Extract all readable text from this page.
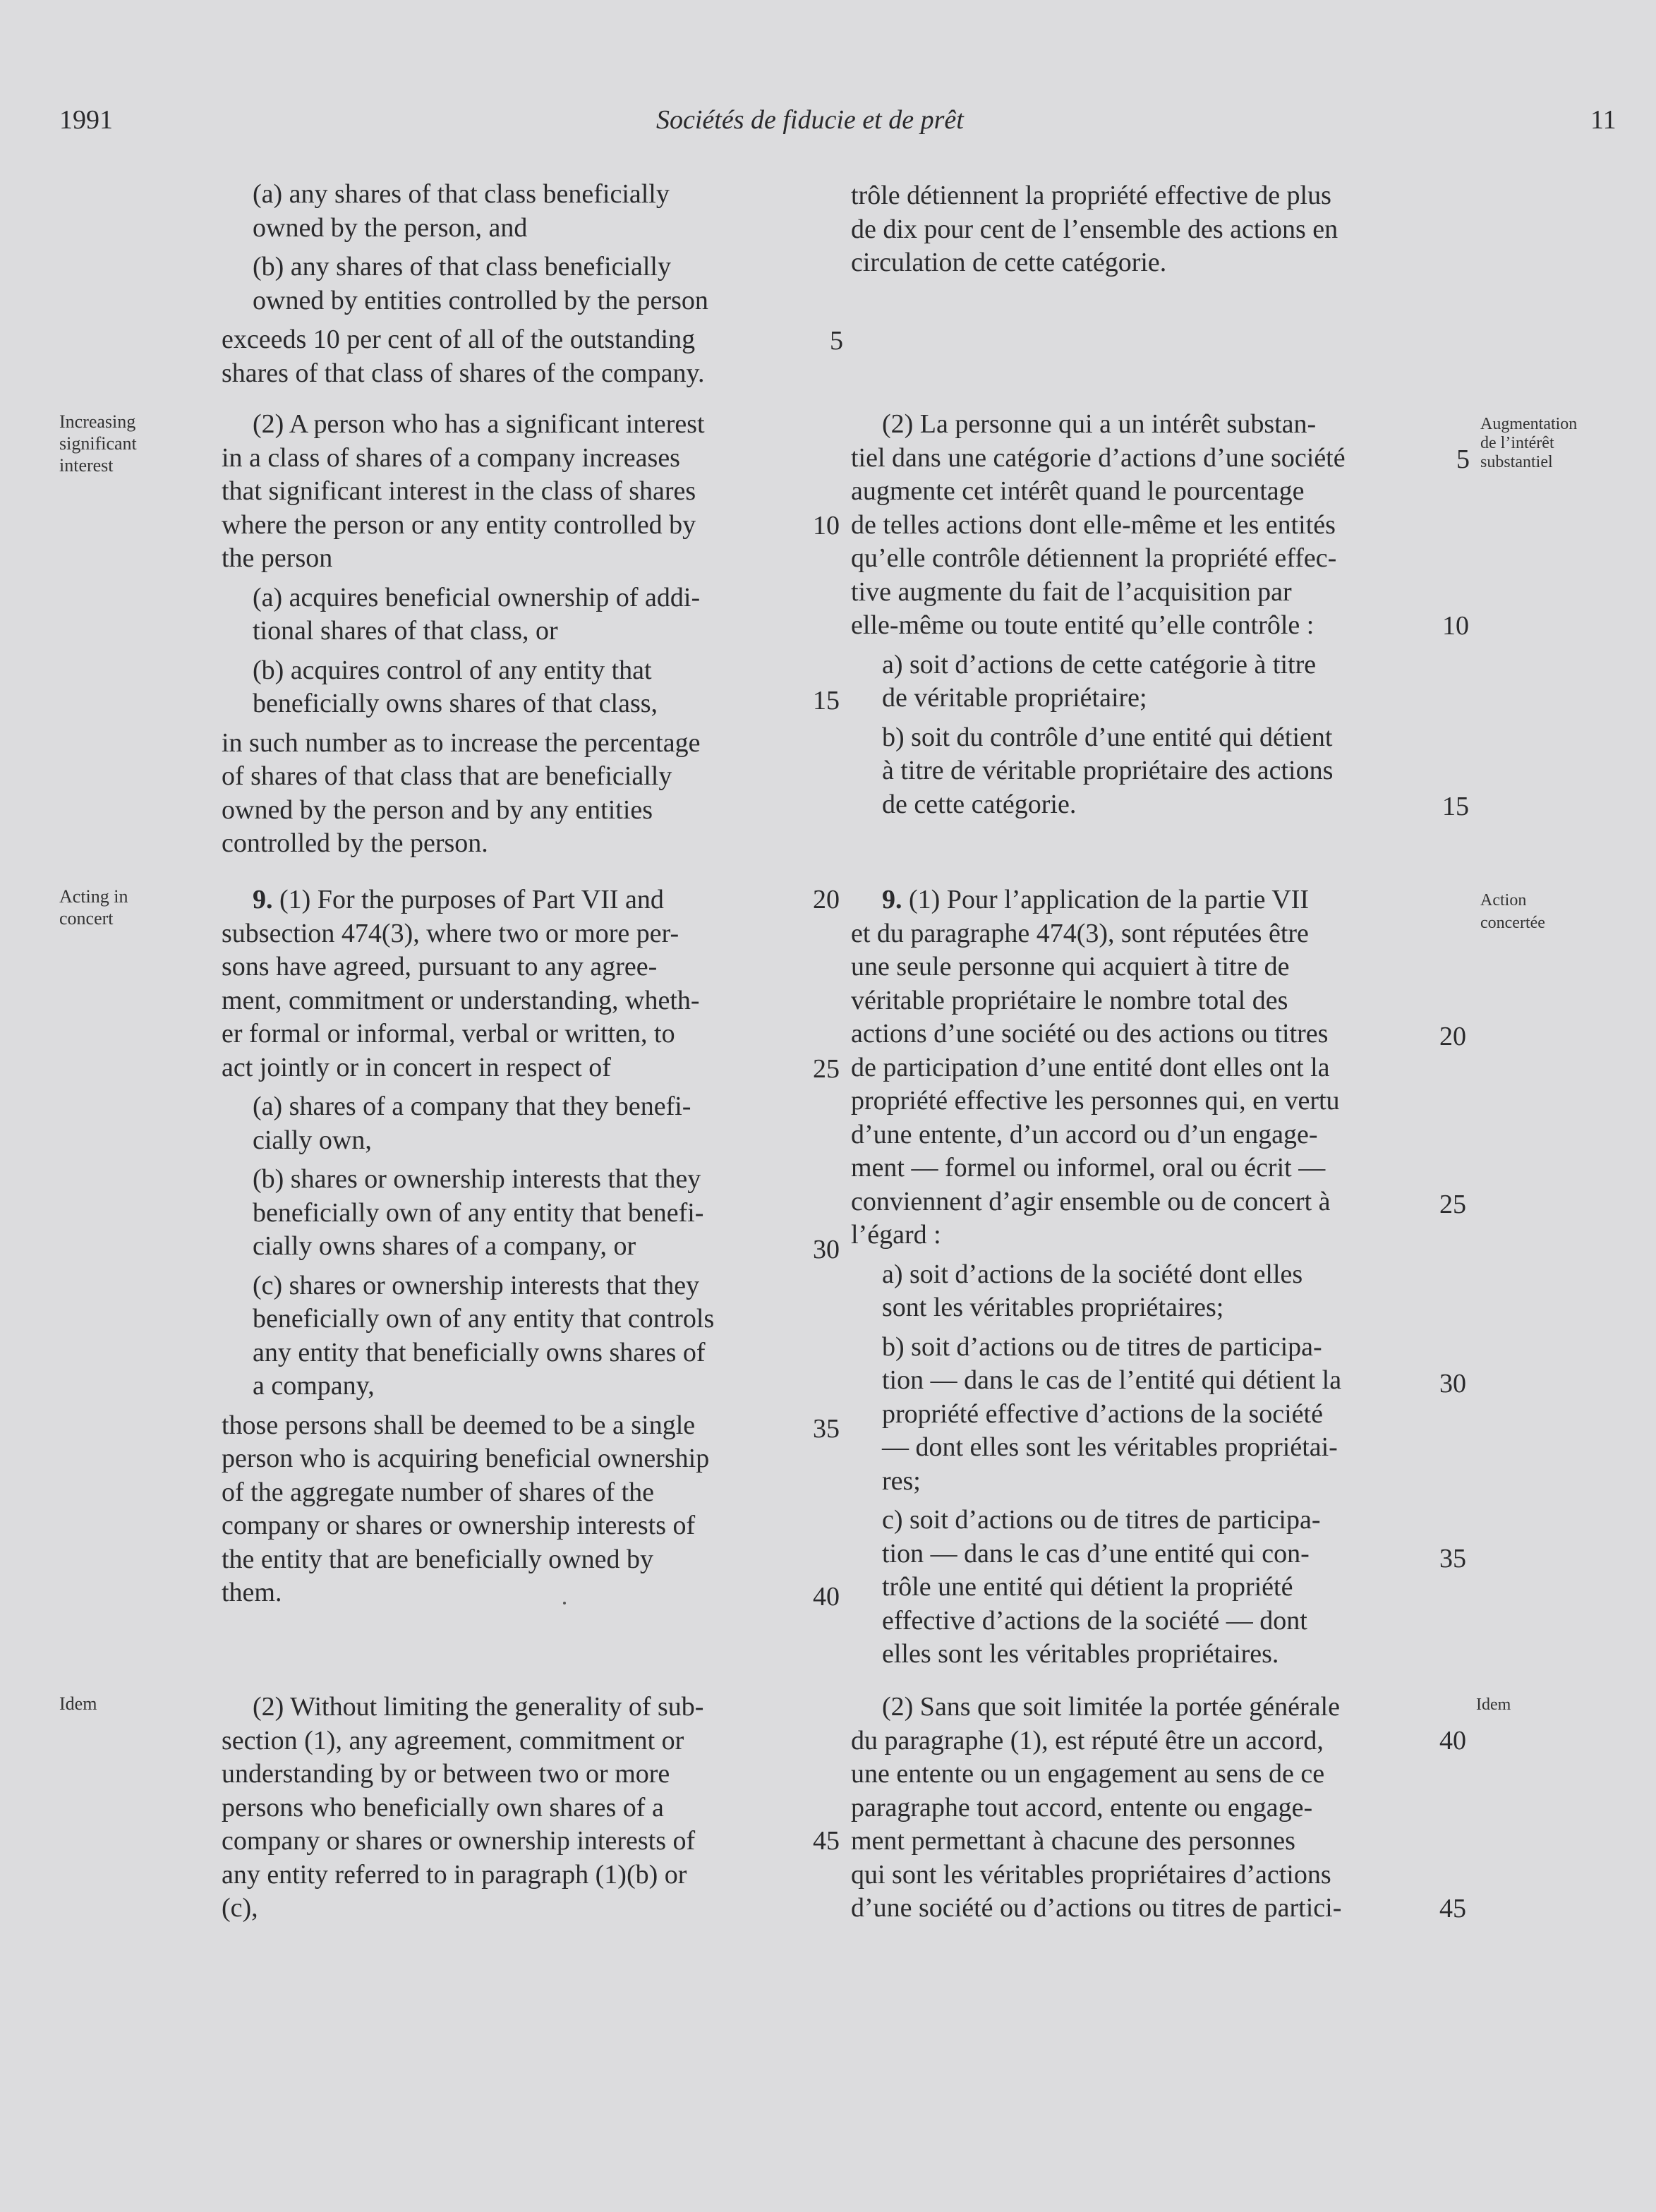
1991	Sociétés de fiducie et de prêt	11
Increasing
significant
interest
Acting in
concert
Idem
Augmentation
de l’intérêt
substantiel
Action
concertée
Idem
(a) any shares of that class beneficially
owned by the person, and
(b) any shares of that class beneficially
owned by entities controlled by the person
exceeds 10 per cent of all of the outstanding
shares of that class of shares of the company.
(2) A person who has a significant interest
in a class of shares of a company increases
that significant interest in the class of shares
where the person or any entity controlled by
the person
(a) acquires beneficial ownership of addi-
tional shares of that class, or
(b) acquires control of any entity that
beneficially owns shares of that class,
in such number as to increase the percentage
of shares of that class that are beneficially
owned by the person and by any entities
controlled by the person.
9. (1) For the purposes of Part VII and
subsection 474(3), where two or more per-
sons have agreed, pursuant to any agree-
ment, commitment or understanding, wheth-
er formal or informal, verbal or written, to
act jointly or in concert in respect of
(a) shares of a company that they benefi-
cially own,
(b) shares or ownership interests that they
beneficially own of any entity that benefi-
cially owns shares of a company, or
(c) shares or ownership interests that they
beneficially own of any entity that controls
any entity that beneficially owns shares of
a company,
those persons shall be deemed to be a single
person who is acquiring beneficial ownership
of the aggregate number of shares of the
company or shares or ownership interests of
the entity that are beneficially owned by
them.
(2) Without limiting the generality of sub-
section (1), any agreement, commitment or
understanding by or between two or more
persons who beneficially own shares of a
company or shares or ownership interests of
any entity referred to in paragraph (1)(b) or
(c),
5
10
15
20
25
30
35
40
45
trôle détiennent la propriété effective de plus
de dix pour cent de l’ensemble des actions en
circulation de cette catégorie.
(2) La personne qui a un intérêt substan-
tiel dans une catégorie d’actions d’une société
augmente cet intérêt quand le pourcentage
de telles actions dont elle-même et les entités
qu’elle contrôle détiennent la propriété effec-
tive augmente du fait de l’acquisition par
elle-même ou toute entité qu’elle contrôle :
a) soit d’actions de cette catégorie à titre
de véritable propriétaire;
b) soit du contrôle d’une entité qui détient
à titre de véritable propriétaire des actions
de cette catégorie.
9. (1) Pour l’application de la partie VII
et du paragraphe 474(3), sont réputées être
une seule personne qui acquiert à titre de
véritable propriétaire le nombre total des
actions d’une société ou des actions ou titres
de participation d’une entité dont elles ont la
propriété effective les personnes qui, en vertu
d’une entente, d’un accord ou d’un engage-
ment — formel ou informel, oral ou écrit —
conviennent d’agir ensemble ou de concert à
l’égard :
a) soit d’actions de la société dont elles
sont les véritables propriétaires;
b) soit d’actions ou de titres de participa-
tion — dans le cas de l’entité qui détient la
propriété effective d’actions de la société
— dont elles sont les véritables propriétai-
res;
c) soit d’actions ou de titres de participa-
tion — dans le cas d’une entité qui con-
trôle une entité qui détient la propriété
effective d’actions de la société — dont
elles sont les véritables propriétaires.
(2) Sans que soit limitée la portée générale
du paragraphe (1), est réputé être un accord,
une entente ou un engagement au sens de ce
paragraphe tout accord, entente ou engage-
ment permettant à chacune des personnes
qui sont les véritables propriétaires d’actions
d’une société ou d’actions ou titres de partici-
5
10
15
20
25
30
35
40
45
